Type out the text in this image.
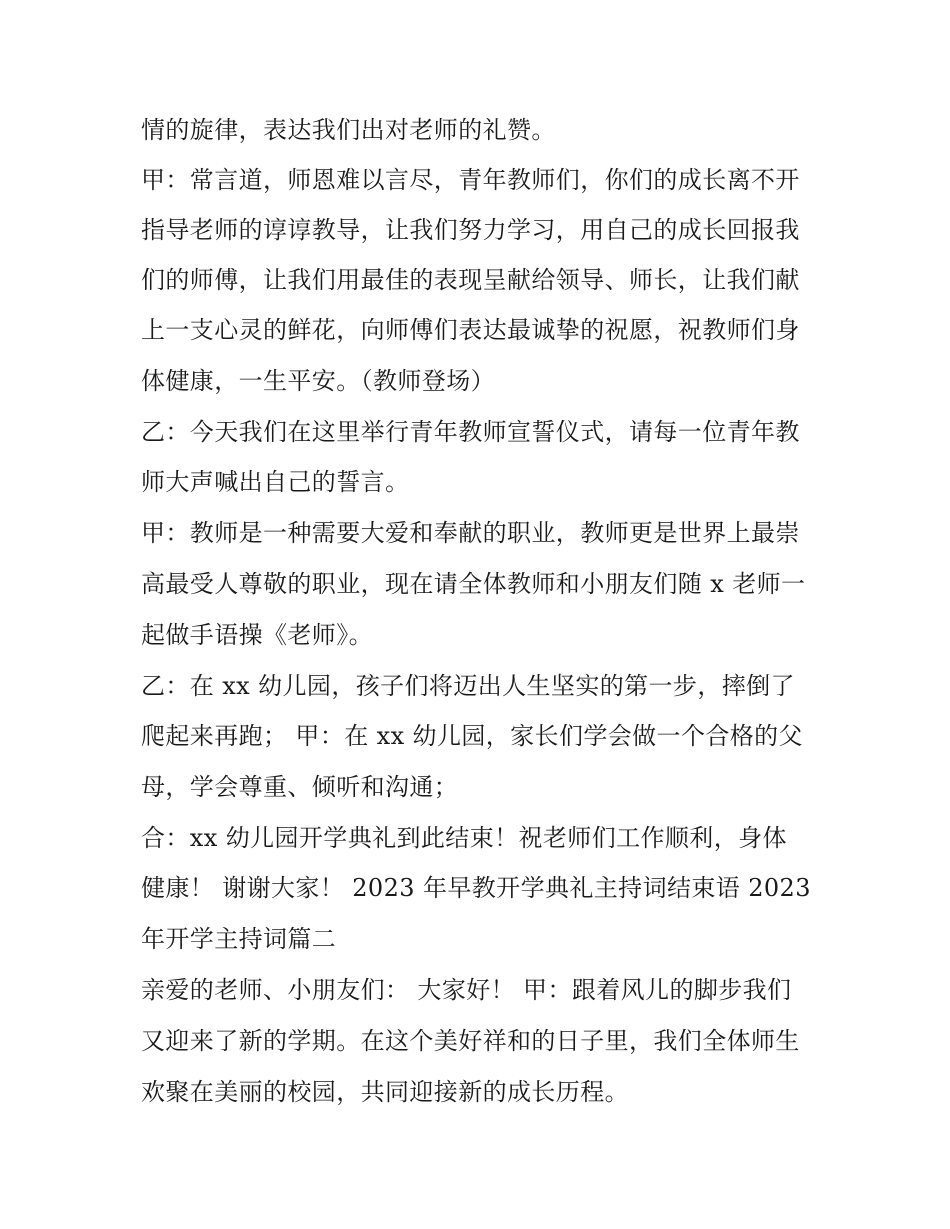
情的旋律，表达我们出对老师的礼赞。
甲：常言道，师恩难以言尽，青年教师们，你们的成长离不开
指导老师的谆谆教导，让我们努力学习，用自己的成长回报我
们的师傅，让我们用最佳的表现呈献给领导、师长，让我们献
上一支心灵的鲜花，向师傅们表达最诚挚的祝愿，祝教师们身
体健康，一生平安。（教师登场）
乙：今天我们在这里举行青年教师宣誓仪式，请每一位青年教
师大声喊出自己的誓言。
甲：教师是一种需要大爱和奉献的职业，教师更是世界上最崇
高最受人尊敬的职业，现在请全体教师和小朋友们随 x 老师一
起做手语操《老师》。
乙：在 xx 幼儿园，孩子们将迈出人生坚实的第一步，摔倒了
爬起来再跑； 甲：在 xx 幼儿园，家长们学会做一个合格的父
母，学会尊重、倾听和沟通；
合：xx 幼儿园开学典礼到此结束！祝老师们工作顺利，身体
健康！ 谢谢大家！ 2023 年早教开学典礼主持词结束语 2023
年开学主持词篇二
亲爱的老师、小朋友们： 大家好！ 甲：跟着风儿的脚步我们
又迎来了新的学期。在这个美好祥和的日子里，我们全体师生
欢聚在美丽的校园，共同迎接新的成长历程。
